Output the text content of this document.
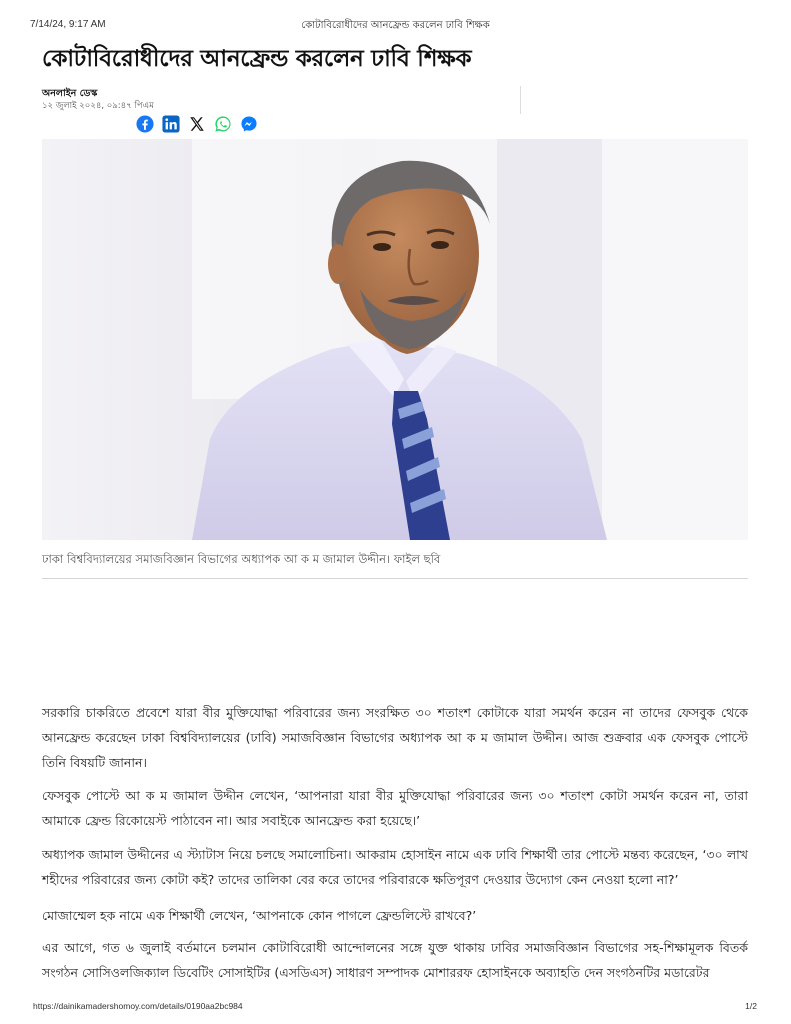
7/14/24, 9:17 AM	কোটাবিরোধীদের আনফ্রেন্ড করলেন ঢাবি শিক্ষক
কোটাবিরোধীদের আনফ্রেন্ড করলেন ঢাবি শিক্ষক
অনলাইন ডেস্ক
১২ জুলাই ২০২৪, ০৯:৪৭ পিএম
ঢাকা বিশ্ববিদ্যালয়ের সমাজবিজ্ঞান বিভাগের অধ্যাপক আ ক ম জামাল উদ্দীন। ফাইল ছবি

সরকারি চাকরিতে প্রবেশে যারা বীর মুক্তিযোদ্ধা পরিবারের জন্য সংরক্ষিত ৩০ শতাংশ কোটাকে যারা সমর্থন করেন না তাদের ফেসবুক থেকে আনফ্রেন্ড করেছেন ঢাকা বিশ্ববিদ্যালয়ের (ঢাবি) সমাজবিজ্ঞান বিভাগের অধ্যাপক আ ক ম জামাল উদ্দীন। আজ শুক্রবার এক ফেসবুক পোস্টে তিনি বিষয়টি জানান।

ফেসবুক পোস্টে আ ক ম জামাল উদ্দীন লেখেন, ‘আপনারা যারা বীর মুক্তিযোদ্ধা পরিবারের জন্য ৩০ শতাংশ কোটা সমর্থন করেন না, তারা আমাকে ফ্রেন্ড রিকোয়েস্ট পাঠাবেন না। আর সবাইকে আনফ্রেন্ড করা হয়েছে।’

অধ্যাপক জামাল উদ্দীনের এ স্ট্যাটাস নিয়ে চলছে সমালোচিনা। আকরাম হোসাইন নামে এক ঢাবি শিক্ষার্থী তার পোস্টে মন্তব্য করেছেন, ‘৩০ লাখ শহীদের পরিবারের জন্য কোটা কই? তাদের তালিকা বের করে তাদের পরিবারকে ক্ষতিপূরণ দেওয়ার উদ্যোগ কেন নেওয়া হলো না?’

মোজাম্মেল হক নামে এক শিক্ষার্থী লেখেন, ‘আপনাকে কোন পাগলে ফ্রেন্ডলিস্টে রাখবে?’

এর আগে, গত ৬ জুলাই বর্তমানে চলমান কোটাবিরোধী আন্দোলনের সঙ্গে যুক্ত থাকায় ঢাবির সমাজবিজ্ঞান বিভাগের সহ-শিক্ষামূলক বিতর্ক সংগঠন সোসিওলজিক্যাল ডিবেটিং সোসাইটির (এসডিএস) সাধারণ সম্পাদক মোশাররফ হোসাইনকে অব্যাহতি দেন সংগঠনটির মডারেটর

https://dainikamadershomoy.com/details/0190aa2bc984	1/2
